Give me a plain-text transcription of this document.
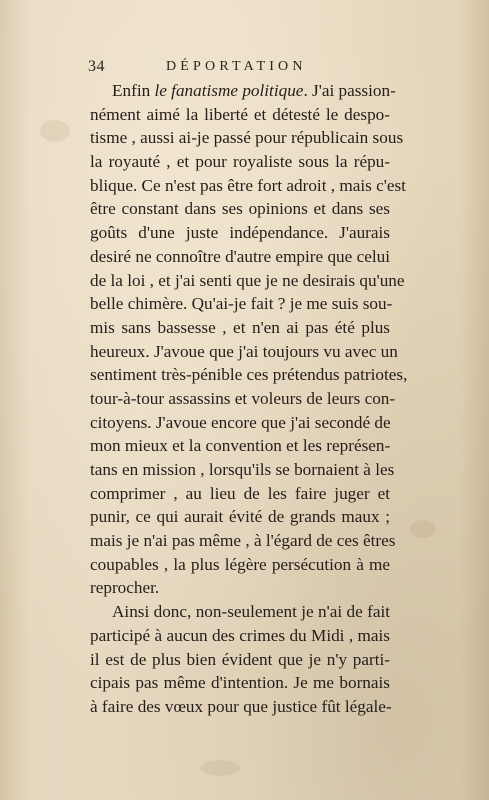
34	DÉPORTATION
Enfin le fanatisme politique. J'ai passion-
nément aimé la liberté et détesté le despo-
tisme , aussi ai-je passé pour républicain sous
la royauté , et pour royaliste sous la répu-
blique. Ce n'est pas être fort adroit , mais c'est
être constant dans ses opinions et dans ses
goûts d'une juste indépendance. J'aurais
desiré ne connoître d'autre empire que celui
de la loi , et j'ai senti que je ne desirais qu'une
belle chimère. Qu'ai-je fait ? je me suis sou-
mis sans bassesse , et n'en ai pas été plus
heureux. J'avoue que j'ai toujours vu avec un
sentiment très-pénible ces prétendus patriotes,
tour-à-tour assassins et voleurs de leurs con-
citoyens. J'avoue encore que j'ai secondé de
mon mieux et la convention et les représen-
tans en mission , lorsqu'ils se bornaient à les
comprimer , au lieu de les faire juger et
punir, ce qui aurait évité de grands maux ;
mais je n'ai pas même , à l'égard de ces êtres
coupables , la plus légère persécution à me
reprocher.
Ainsi donc, non-seulement je n'ai de fait
participé à aucun des crimes du Midi , mais
il est de plus bien évident que je n'y parti-
cipais pas même d'intention. Je me bornais
à faire des vœux pour que justice fût légale-
